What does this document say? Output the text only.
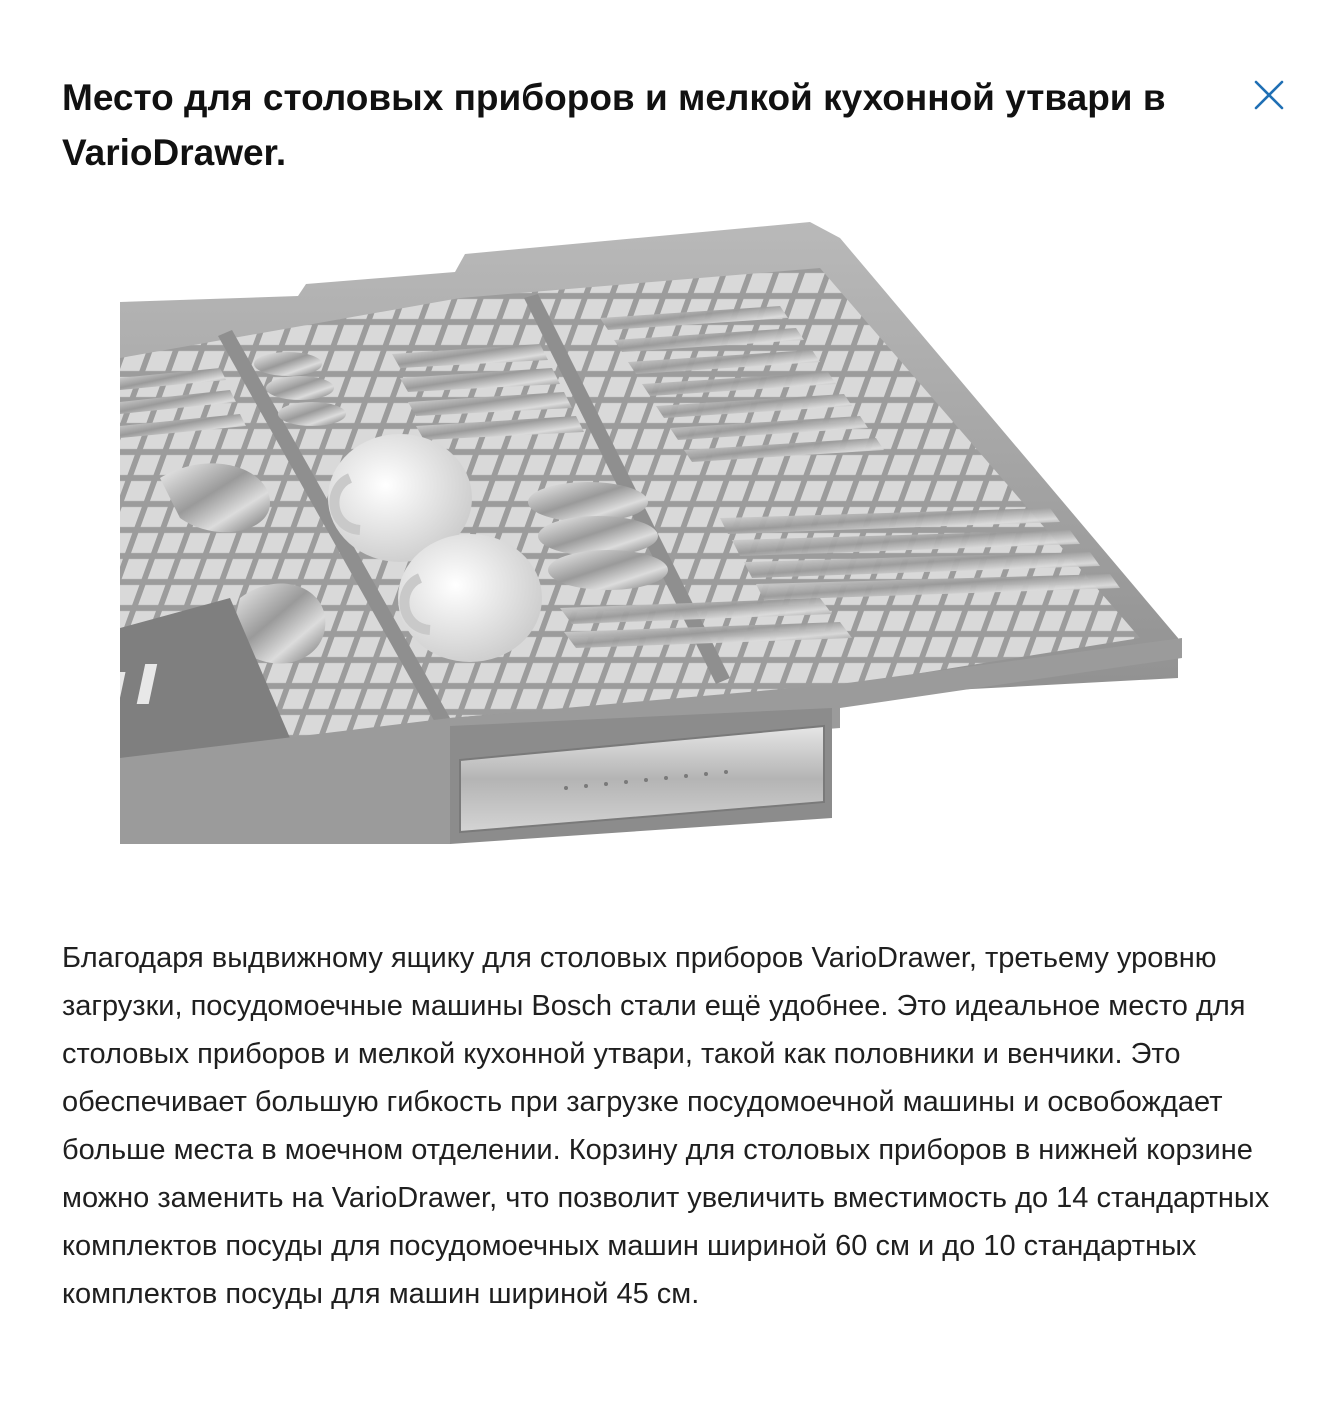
Место для столовых приборов и мелкой кухонной утвари в VarioDrawer.

Благодаря выдвижному ящику для столовых приборов VarioDrawer, третьему уровню загрузки, посудомоечные машины Bosch стали ещё удобнее. Это идеальное место для столовых приборов и мелкой кухонной утвари, такой как половники и венчики. Это обеспечивает большую гибкость при загрузке посудомоечной машины и освобождает больше места в моечном отделении. Корзину для столовых приборов в нижней корзине можно заменить на VarioDrawer, что позволит увеличить вместимость до 14 стандартных комплектов посуды для посудомоечных машин шириной 60 см и до 10 стандартных комплектов посуды для машин шириной 45 см.
